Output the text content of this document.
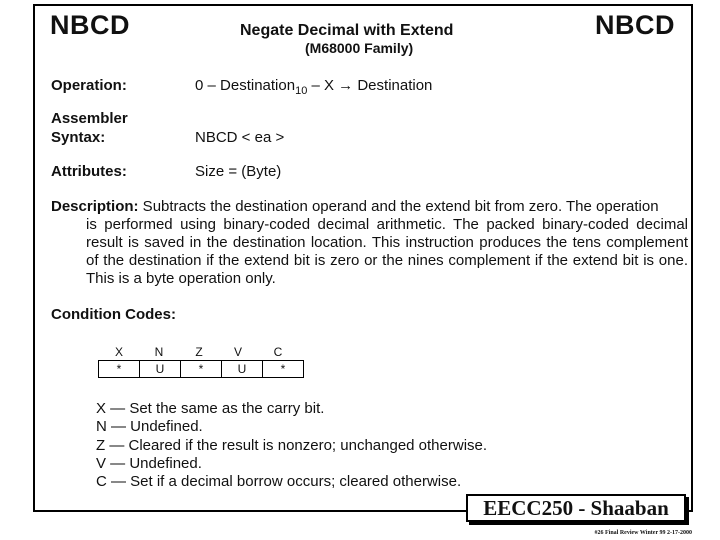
NBCD	Negate Decimal with Extend
(M68000 Family)
NBCD
Operation:	0 – Destination$_{10}$ – X → Destination
Assembler
Syntax:	NBCD < ea >
Attributes:	Size = (Byte)

Description: Subtracts the destination operand and the extend bit from zero. The operation

is performed using binary-coded decimal arithmetic. The packed binary-coded decimal result is saved in the destination location. This instruction produces the tens complement of the destination if the extend bit is zero or the nines complement if the extend bit is one. This is a byte operation only.

Condition Codes:
X	N	Z	V	C
*	U	*	U	*
X — Set the same as the carry bit.
N — Undefined.
Z — Cleared if the result is nonzero; unchanged otherwise.
V — Undefined.
C — Set if a decimal borrow occurs; cleared otherwise.
EECC250 - Shaaban
#26 Final Review Winter 99 2-17-2000
